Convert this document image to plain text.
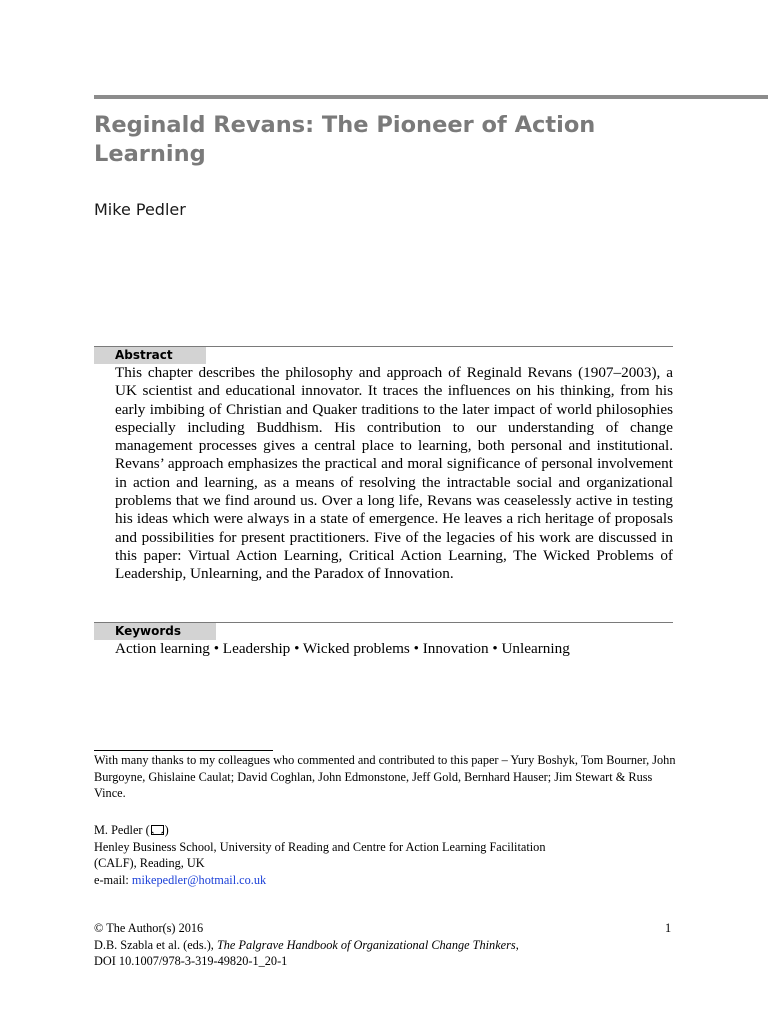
Reginald Revans: The Pioneer of Action Learning
Mike Pedler
Abstract
This chapter describes the philosophy and approach of Reginald Revans (1907–2003), a UK scientist and educational innovator. It traces the influences on his thinking, from his early imbibing of Christian and Quaker traditions to the later impact of world philosophies especially including Buddhism. His contribution to our understanding of change management processes gives a central place to learning, both personal and institutional. Revans’ approach emphasizes the practical and moral significance of personal involvement in action and learning, as a means of resolving the intractable social and organizational problems that we find around us. Over a long life, Revans was ceaselessly active in testing his ideas which were always in a state of emergence. He leaves a rich heritage of proposals and possibilities for present practitioners. Five of the legacies of his work are discussed in this paper: Virtual Action Learning, Critical Action Learning, The Wicked Problems of Leadership, Unlearning, and the Paradox of Innovation.
Keywords
Action learning • Leadership • Wicked problems • Innovation • Unlearning
With many thanks to my colleagues who commented and contributed to this paper – Yury Boshyk, Tom Bourner, John Burgoyne, Ghislaine Caulat; David Coghlan, John Edmonstone, Jeff Gold, Bernhard Hauser; Jim Stewart & Russ Vince.
M. Pedler ( )
Henley Business School, University of Reading and Centre for Action Learning Facilitation
(CALF), Reading, UK
e-mail: mikepedler@hotmail.co.uk
© The Author(s) 2016
D.B. Szabla et al. (eds.), The Palgrave Handbook of Organizational Change Thinkers,
DOI 10.1007/978-3-319-49820-1_20-1
1
